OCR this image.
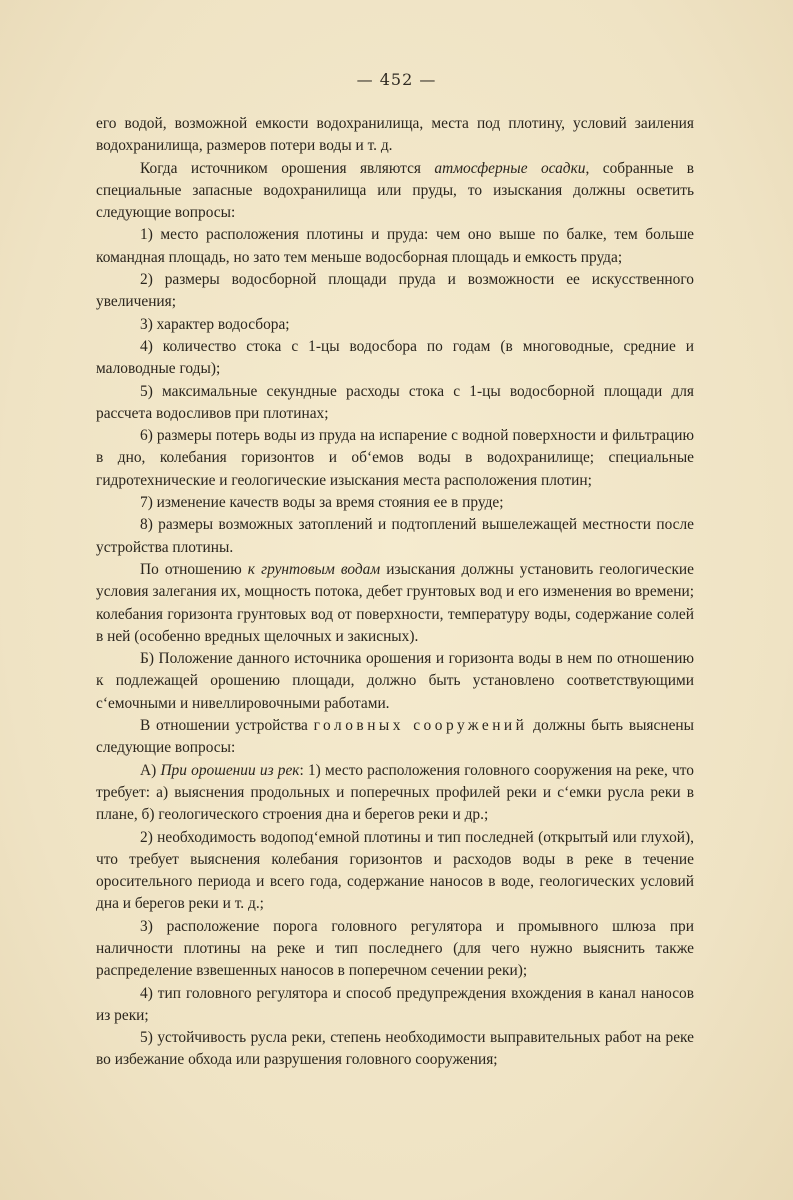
— 452 —

его водой, возможной емкости водохранилища, места под плотину, условий заиления водохранилища, размеров потери воды и т. д.

Когда источником орошения являются атмосферные осадки, собранные в специальные запасные водохранилища или пруды, то изыскания должны осветить следующие вопросы:

1) место расположения плотины и пруда: чем оно выше по балке, тем больше командная площадь, но зато тем меньше водосборная площадь и емкость пруда;

2) размеры водосборной площади пруда и возможности ее искусственного увеличения;

3) характер водосбора;

4) количество стока с 1-цы водосбора по годам (в многоводные, средние и маловодные годы);

5) максимальные секундные расходы стока с 1-цы водосборной площади для рассчета водосливов при плотинах;

6) размеры потерь воды из пруда на испарение с водной поверхности и фильтрацию в дно, колебания горизонтов и об‘емов воды в водохранилище; специальные гидротехнические и геологические изыскания места расположения плотин;

7) изменение качеств воды за время стояния ее в пруде;

8) размеры возможных затоплений и подтоплений вышележащей местности после устройства плотины.

По отношению к грунтовым водам изыскания должны установить геологические условия залегания их, мощность потока, дебет грунтовых вод и его изменения во времени; колебания горизонта грунтовых вод от поверхности, температуру воды, содержание солей в ней (особенно вредных щелочных и закисных).

Б) Положение данного источника орошения и горизонта воды в нем по отношению к подлежащей орошению площади, должно быть установлено соответствующими с‘емочными и нивеллировочными работами.

В отношении устройства головных сооружений должны быть выяснены следующие вопросы:

А) При орошении из рек: 1) место расположения головного сооружения на реке, что требует: а) выяснения продольных и поперечных профилей реки и с‘емки русла реки в плане, б) геологического строения дна и берегов реки и др.;

2) необходимость водопод‘емной плотины и тип последней (открытый или глухой), что требует выяснения колебания горизонтов и расходов воды в реке в течение оросительного периода и всего года, содержание наносов в воде, геологических условий дна и берегов реки и т. д.;

3) расположение порога головного регулятора и промывного шлюза при наличности плотины на реке и тип последнего (для чего нужно выяснить также распределение взвешенных наносов в поперечном сечении реки);

4) тип головного регулятора и способ предупреждения вхождения в канал наносов из реки;

5) устойчивость русла реки, степень необходимости выправительных работ на реке во избежание обхода или разрушения головного сооружения;
